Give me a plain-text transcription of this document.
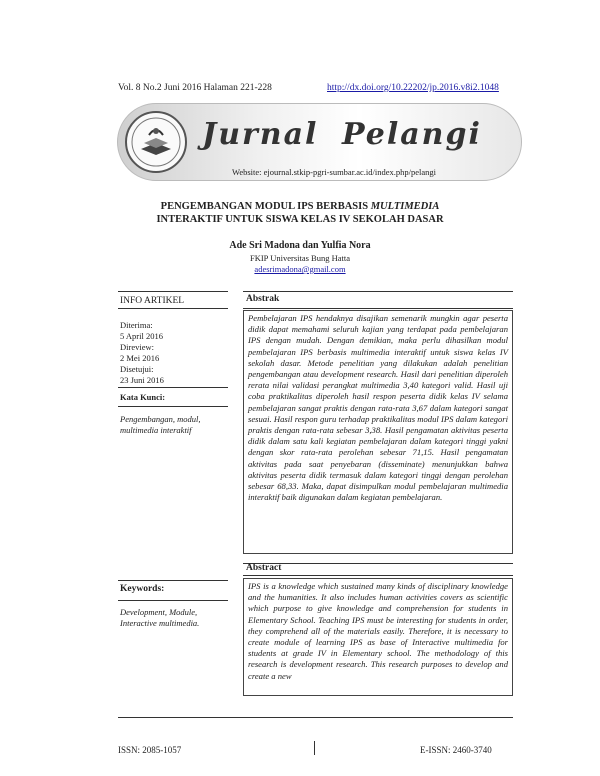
Vol. 8 No.2 Juni 2016 Halaman 221-228	http://dx.doi.org/10.22202/jp.2016.v8i2.1048
Jurnal Pelangi
Website: ejournal.stkip-pgri-sumbar.ac.id/index.php/pelangi
PENGEMBANGAN MODUL IPS BERBASIS MULTIMEDIA
INTERAKTIF UNTUK SISWA KELAS IV SEKOLAH DASAR
Ade Sri Madona dan Yulfia Nora
FKIP Universitas Bung Hatta
adesrimadona@gmail.com
INFO ARTIKEL	Abstrak
Diterima:
5 April 2016
Direview:
2 Mei 2016
Disetujui:
23 Juni 2016
Kata Kunci:
Pengembangan, modul, multimedia interaktif
Keywords:
Development, Module, Interactive multimedia.
Pembelajaran IPS hendaknya disajikan semenarik mungkin agar peserta didik dapat memahami seluruh kajian yang terdapat pada pembelajaran IPS dengan mudah. Dengan demikian, maka perlu dihasilkan modul pembelajaran IPS berbasis multimedia interaktif untuk siswa kelas IV sekolah dasar. Metode penelitian yang dilakukan adalah penelitian pengembangan atau development research. Hasil dari penelitian diperoleh rerata nilai validasi perangkat multimedia 3,40 kategori valid. Hasil uji coba praktikalitas diperoleh hasil respon peserta didik kelas IV selama pembelajaran sangat praktis dengan rata-rata 3,67 dalam kategori sangat sesuai. Hasil respon guru terhadap praktikalitas modul IPS dalam kategori praktis dengan rata-rata sebesar 3,38. Hasil pengamatan aktivitas peserta didik dalam satu kali kegiatan pembelajaran dalam kategori tinggi yakni dengan skor rata-rata perolehan sebesar 71,15. Hasil pengamatan aktivitas pada saat penyebaran (disseminate) menunjukkan bahwa aktivitas peserta didik termasuk dalam kategori tinggi dengan perolehan sebesar 68,33. Maka, dapat disimpulkan modul pembelajaran multimedia interaktif baik digunakan dalam kegiatan pembelajaran.
Abstract
IPS is a knowledge which sustained many kinds of disciplinary knowledge and the humanities. It also includes human activities covers as scientific which purpose to give knowledge and comprehension for students in Elementary School. Teaching IPS must be interesting for students in order, they comprehend all of the materials easily. Therefore, it is necessary to create module of learning IPS as base of Interactive multimedia for students at grade IV in Elementary school. The methodology of this research is development research. This research purposes to develop and create a new
ISSN: 2085-1057	E-ISSN: 2460-3740
